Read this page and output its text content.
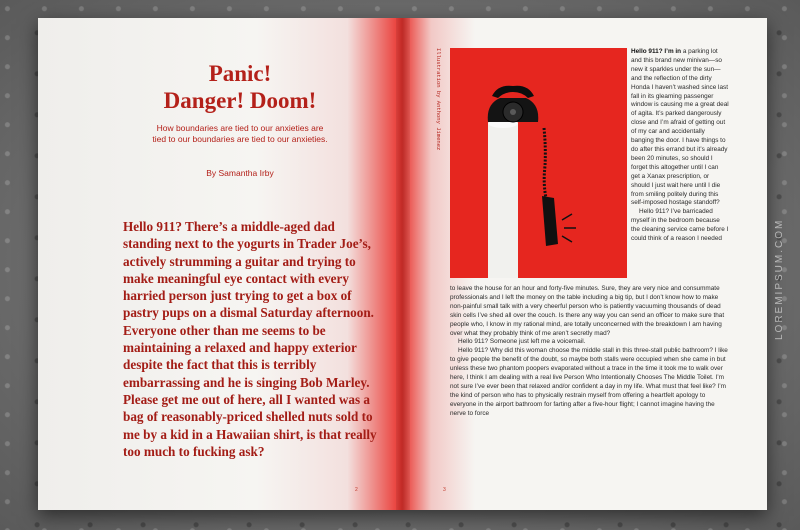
Panic!
Danger! Doom!

How boundaries are tied to our anxieties are tied to our boundaries are tied to our anxieties.

By Samantha Irby

Hello 911? There’s a middle-aged dad standing next to the yogurts in Trader Joe’s, actively strumming a guitar and trying to make meaningful eye contact with every harried person just trying to get a box of pastry pups on a dismal Saturday afternoon. Everyone other than me seems to be maintaining a relaxed and happy exterior despite the fact that this is terribly embarrassing and he is singing Bob Marley. Please get me out of here, all I wanted was a bag of reasonably-priced shelled nuts sold to me by a kid in a Hawaiian shirt, is that really too much to fucking ask?

2

Illustration by Anthony Jimenez	Hello 911? I’m in a parking lot and this brand new minivan—so new it sparkles under the sun—and the reflection of the dirty Honda I haven’t washed since last fall in its gleaming passenger window is causing me a great deal of agita. It’s parked dangerously close and I’m afraid of getting out of my car and accidentally banging the door. I have things to do after this errand but it’s already been 20 minutes, so should I forget this altogether until I can get a Xanax prescription, or should I just wait here until I die from smiling politely during this self-imposed hostage standoff?

Hello 911? I’ve barricaded myself in the bedroom because the cleaning service came before I could think of a reason I needed

to leave the house for an hour and forty-five minutes. Sure, they are very nice and consummate professionals and I left the money on the table including a big tip, but I don’t know how to make non-painful small talk with a very cheerful person who is patiently vacuuming thousands of dead skin cells I’ve shed all over the couch. Is there any way you can send an officer to make sure that people who, I know in my rational mind, are totally unconcerned with the breakdown I am having over what they probably think of me aren’t secretly mad?

Hello 911? Someone just left me a voicemail.

Hello 911? Why did this woman choose the middle stall in this three-stall public bathroom? I like to give people the benefit of the doubt, so maybe both stalls were occupied when she came in but unless these two phantom poopers evaporated without a trace in the time it took me to walk over here, I think I am dealing with a real live Person Who Intentionally Chooses The Middle Toilet. I’m not sure I’ve ever been that relaxed and/or confident a day in my life. What must that feel like? I’m the kind of person who has to physically restrain myself from offering a heartfelt apology to everyone in the airport bathroom for farting after a five-hour flight; I cannot imagine having the nerve to force

3
LOREMIPSUM.COM
